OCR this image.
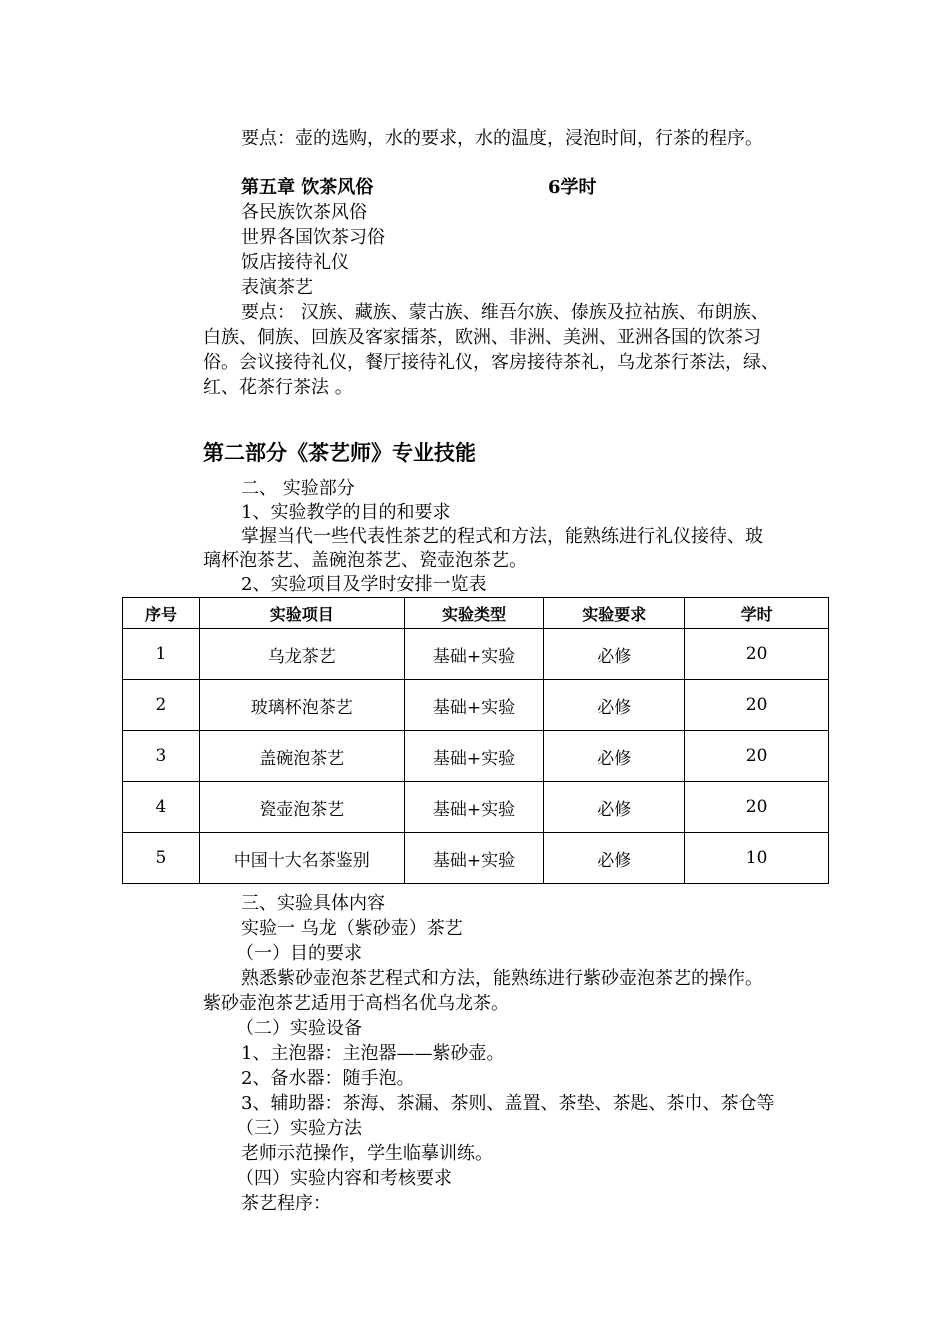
要点：壶的选购，水的要求，水的温度，浸泡时间，行茶的程序。
第五章 饮茶风俗	6学时
各民族饮茶风俗
世界各国饮茶习俗
饭店接待礼仪
表演茶艺
要点： 汉族、藏族、蒙古族、维吾尔族、傣族及拉祜族、布朗族、
白族、侗族、回族及客家擂茶，欧洲、非洲、美洲、亚洲各国的饮茶习
俗。会议接待礼仪，餐厅接待礼仪，客房接待茶礼，乌龙茶行茶法，绿、
红、花茶行茶法 。
第二部分《茶艺师》专业技能
二、 实验部分
1、实验教学的目的和要求
掌握当代一些代表性茶艺的程式和方法，能熟练进行礼仪接待、玻
璃杯泡茶艺、盖碗泡茶艺、瓷壶泡茶艺。
2、实验项目及学时安排一览表
序号	实验项目	实验类型	实验要求	学时
1	乌龙茶艺	基础+实验	必修	20
2	玻璃杯泡茶艺	基础+实验	必修	20
3	盖碗泡茶艺	基础+实验	必修	20
4	瓷壶泡茶艺	基础+实验	必修	20
5	中国十大名茶鉴别	基础+实验	必修	10
三、实验具体内容
实验一 乌龙（紫砂壶）茶艺
（一）目的要求
熟悉紫砂壶泡茶艺程式和方法，能熟练进行紫砂壶泡茶艺的操作。
紫砂壶泡茶艺适用于高档名优乌龙茶。
（二）实验设备
1、主泡器：主泡器——紫砂壶。
2、备水器：随手泡。
3、辅助器：茶海、茶漏、茶则、盖置、茶垫、茶匙、茶巾、茶仓等
（三）实验方法
老师示范操作，学生临摹训练。
（四）实验内容和考核要求
茶艺程序：
